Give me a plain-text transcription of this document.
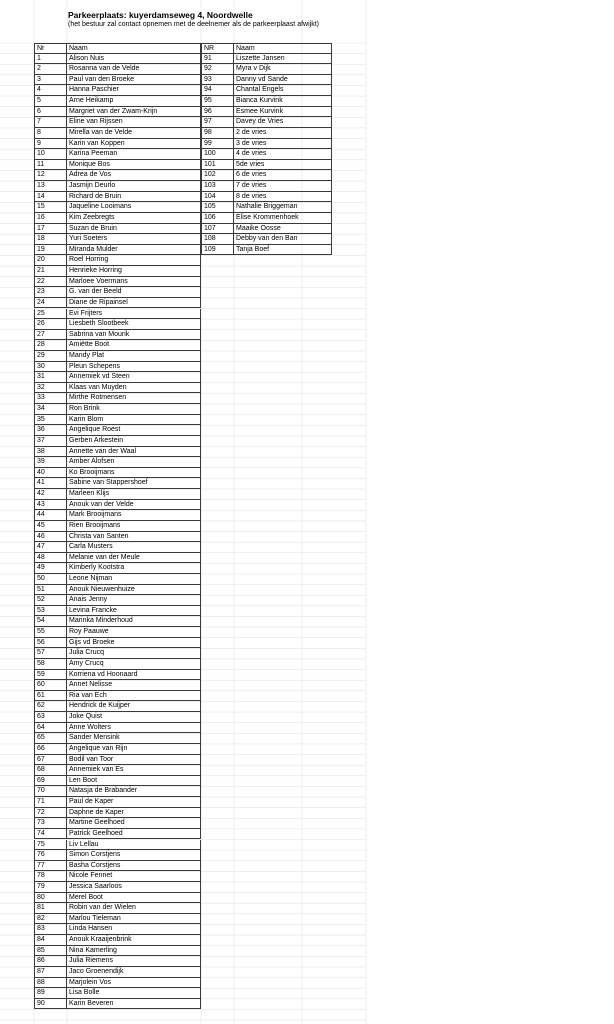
Parkeerplaats: kuyerdamseweg 4, Noordwelle
(het bestuur zal contact opnemen met de deelnemer als de parkeerplaast afwijkt)
Nr	Naam
1	Alison Nuis
2	Rosanna van de Velde
3	Paul van den Broeke
4	Hanna Paschier
5	Arne Heikamp
6	Margriet van der Zwam-Krijn
7	Eline van Rijssen
8	Mirella van de Velde
9	Karin van Koppen
10	Karina Peeman
11	Monique Bos
12	Adrea de Vos
13	Jasmijn Deurlo
14	Richard de Bruin
15	Jaqueline Looimans
16	Kim Zeebregts
17	Suzan de Bruin
18	Yuri Soeters
19	Miranda Mulder
20	Roel Horring
21	Henrieke Horring
22	Marloee Voermans
23	G. van der Beeld
24	Diane de Ripainsel
25	Evi Frijters
26	Liesbeth Slootbeek
27	Sabrina van Mourik
28	Amiëtte Boot
29	Mandy Plat
30	Pleun Schepens
31	Annemiek vd Steen
32	Klaas van Muyden
33	Mirthe Rotmensen
34	Ron Brink
35	Karin Blom
36	Angelique Roest
37	Gerben Arkestein
38	Annette van der Waal
39	Amber Alofsen
40	Ko Brooijmans
41	Sabine van Stappershoef
42	Marleen Klijs
43	Anouk van der Velde
44	Mark Brooijmans
45	Rien Brooijmans
46	Christa van Santen
47	Carla Musters
48	Melanie van der Meule
49	Kimberly Kootstra
50	Leone Nijman
51	Anouk Nieuwenhuize
52	Anais Jenny
53	Levina Francke
54	Marinka Minderhoud
55	Roy Paauwe
56	Gijs vd Broeke
57	Julia Crucq
58	Amy Crucq
59	Korriena vd Hoonaard
60	Annet Nelisse
61	Ria van Ech
62	Hendrick de Kuijper
63	Joke Quist
64	Anne Wolters
65	Sander Mensink
66	Angelique van Rijn
67	Bodil van Toor
68	Annemiek van Es
69	Len Boot
70	Natasja de Brabander
71	Paul de Kaper
72	Daphne de Kaper
73	Martine Geelhoed
74	Patrick Geelhoed
75	Liv Lellau
76	Simon Corstjens
77	Basha Corstjens
78	Nicole Fennet
79	Jessica Saarloos
80	Merel Boot
81	Robin van der Wielen
82	Marlou Tieleman
83	Linda Hansen
84	Anouk Kraaijenbrink
85	Nina Kamerling
86	Julia Riemens
87	Jaco Groenendijk
88	Marjolein Vos
89	Lisa Bolle
90	Karin Beveren
NR	Naam
91	Liszette Jansen
92	Myra v Dijk
93	Danny vd Sande
94	Chantal Engels
95	Bianca Kurvink
96	Esmee Kurvink
97	Davey de Vries
98	2 de vries
99	3 de vries
100	4 de vries
101	5de vries
102	6 de vries
103	7 de vries
104	8 de vries
105	Nathalie Briggeman
106	Elise Krommenhoek
107	Maaike Oosse
108	Debby van den Ban
109	Tanja Boef
